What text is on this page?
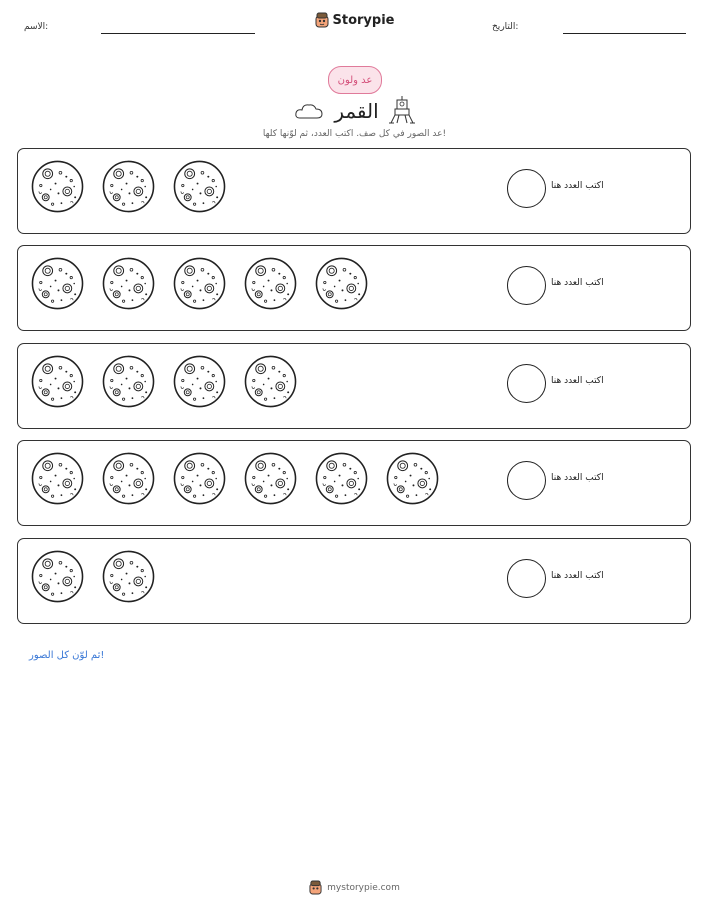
الاسم:	Storypie	التاريخ:
عد ولون
القمر
عد الصور في كل صف. اكتب العدد، ثم لوّنها كلها!
اكتب العدد هنا
اكتب العدد هنا
اكتب العدد هنا
اكتب العدد هنا
اكتب العدد هنا
ثم لوّن كل الصور!
mystorypie.com
